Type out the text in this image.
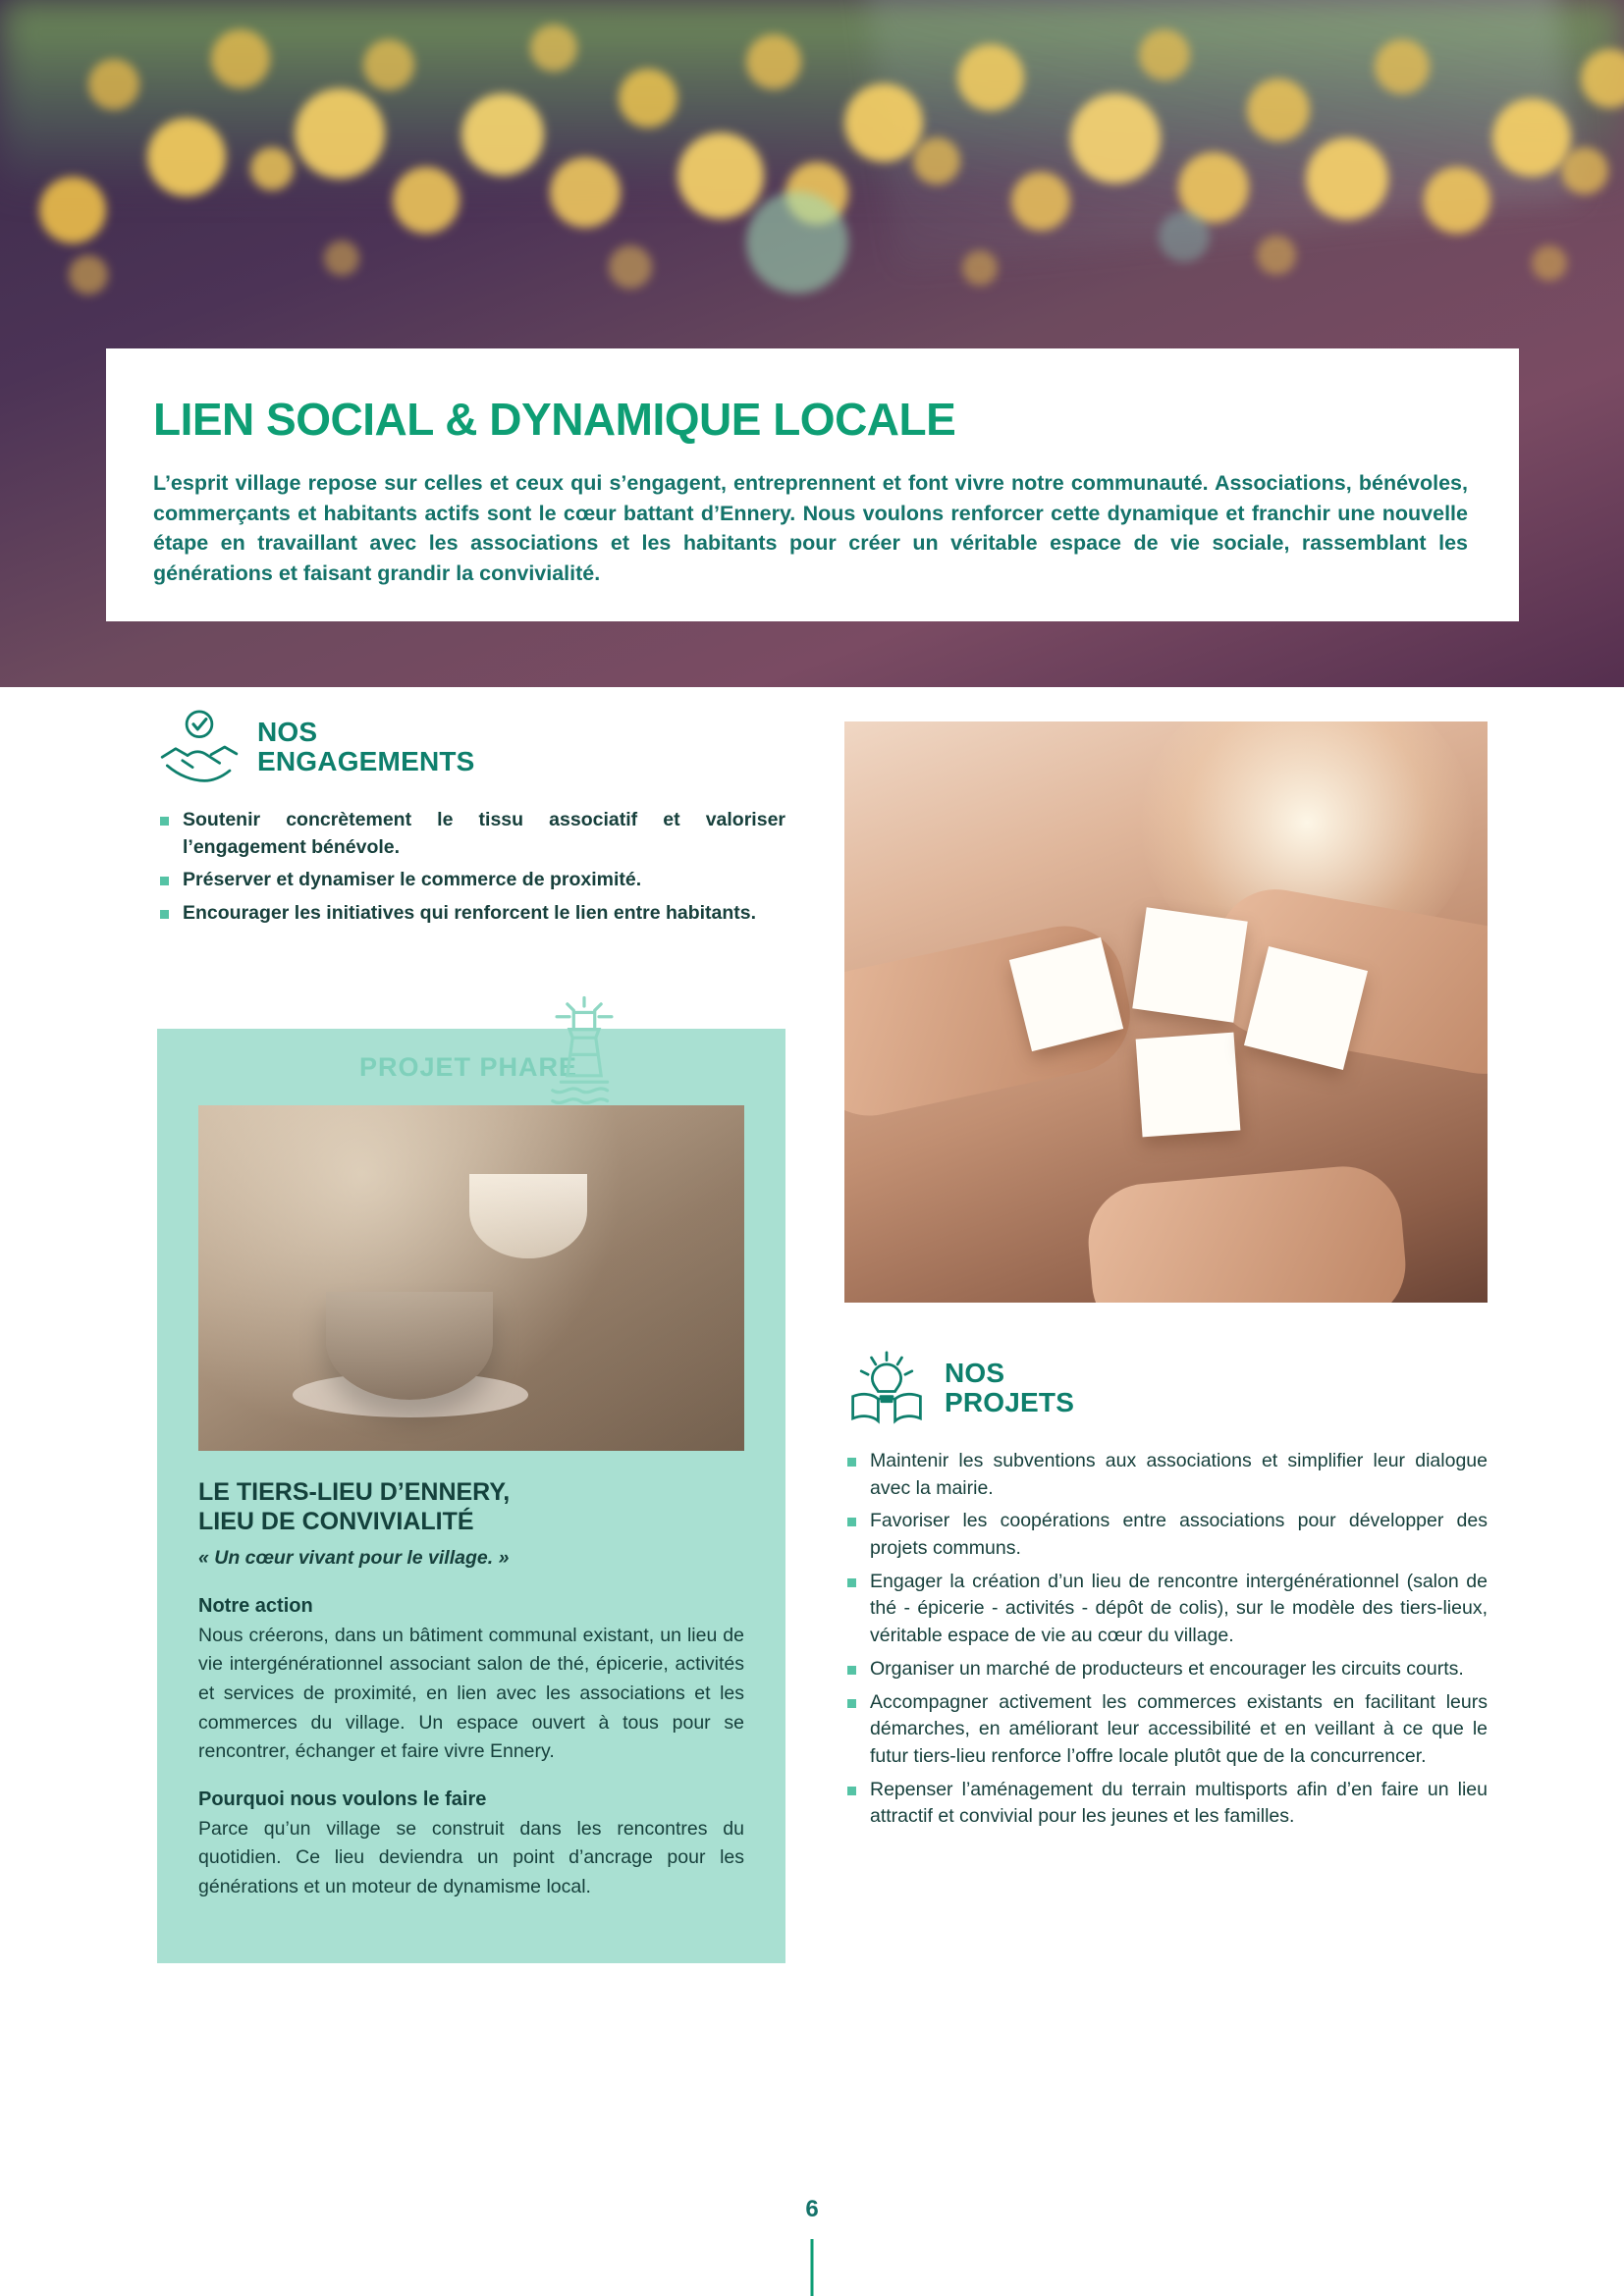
LIEN SOCIAL & DYNAMIQUE LOCALE

L’esprit village repose sur celles et ceux qui s’engagent, entreprennent et font vivre notre communauté. Associations, bénévoles, commerçants et habitants actifs sont le cœur battant d’Ennery. Nous voulons renforcer cette dynamique et franchir une nouvelle étape en travaillant avec les associations et les habitants pour créer un véritable espace de vie sociale, rassemblant les générations et faisant grandir la convivialité.

NOS
ENGAGEMENTS
Soutenir concrètement le tissu associatif et valoriser l’engagement bénévole.
Préserver et dynamiser le commerce de proximité.
Encourager les initiatives qui renforcent le lien entre habitants.
PROJET PHARE
LE TIERS-LIEU D’ENNERY,
LIEU DE CONVIVIALITÉ

« Un cœur vivant pour le village. »

Notre action

Nous créerons, dans un bâtiment communal existant, un lieu de vie intergénérationnel associant salon de thé, épicerie, activités et services de proximité, en lien avec les associations et les commerces du village. Un espace ouvert à tous pour se rencontrer, échanger et faire vivre Ennery.

Pourquoi nous voulons le faire

Parce qu’un village se construit dans les rencontres du quotidien. Ce lieu deviendra un point d’ancrage pour les générations et un moteur de dynamisme local.

NOS
PROJETS
Maintenir les subventions aux associations et simplifier leur dialogue avec la mairie.
Favoriser les coopérations entre associations pour développer des projets communs.
Engager la création d’un lieu de rencontre intergénérationnel (salon de thé - épicerie - activités - dépôt de colis), sur le modèle des tiers-lieux, véritable espace de vie au cœur du village.
Organiser un marché de producteurs et encourager les circuits courts.
Accompagner activement les commerces existants en facilitant leurs démarches, en améliorant leur accessibilité et en veillant à ce que le futur tiers-lieu renforce l’offre locale plutôt que de la concurrencer.
Repenser l’aménagement du terrain multisports afin d’en faire un lieu attractif et convivial pour les jeunes et les familles.
6
